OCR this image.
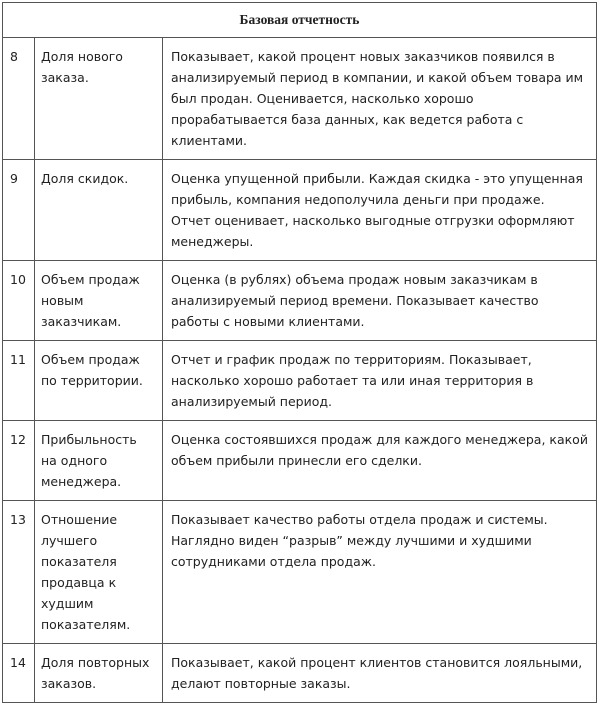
Базовая отчетность		

8	Доля нового заказа.	Показывает, какой процент новых заказчиков появился в анализируемый период в компании, и какой объем товара им был продан. Оценивается, насколько хорошо прорабатывается база данных, как ведется работа с клиентами.

9	Доля скидок.	Оценка упущенной прибыли. Каждая скидка - это упущенная прибыль, компания недополучила деньги при продаже. Отчет оценивает, насколько выгодные отгрузки оформляют менеджеры.

10	Объем продаж новым заказчикам.	Оценка (в рублях) объема продаж новым заказчикам в анализируемый период времени. Показывает качество работы с новыми клиентами.

11	Объем продаж по территории.	Отчет и график продаж по территориям. Показывает, насколько хорошо работает та или иная территория в анализируемый период.

12	Прибыльность на одного менеджера.	Оценка состоявшихся продаж для каждого менеджера, какой объем прибыли принесли его сделки.

13	Отношение лучшего показателя продавца к худшим показателям.	Показывает качество работы отдела продаж и системы. Наглядно виден “разрыв” между лучшими и худшими сотрудниками отдела продаж.

14	Доля повторных заказов.	Показывает, какой процент клиентов становится лояльными, делают повторные заказы.
